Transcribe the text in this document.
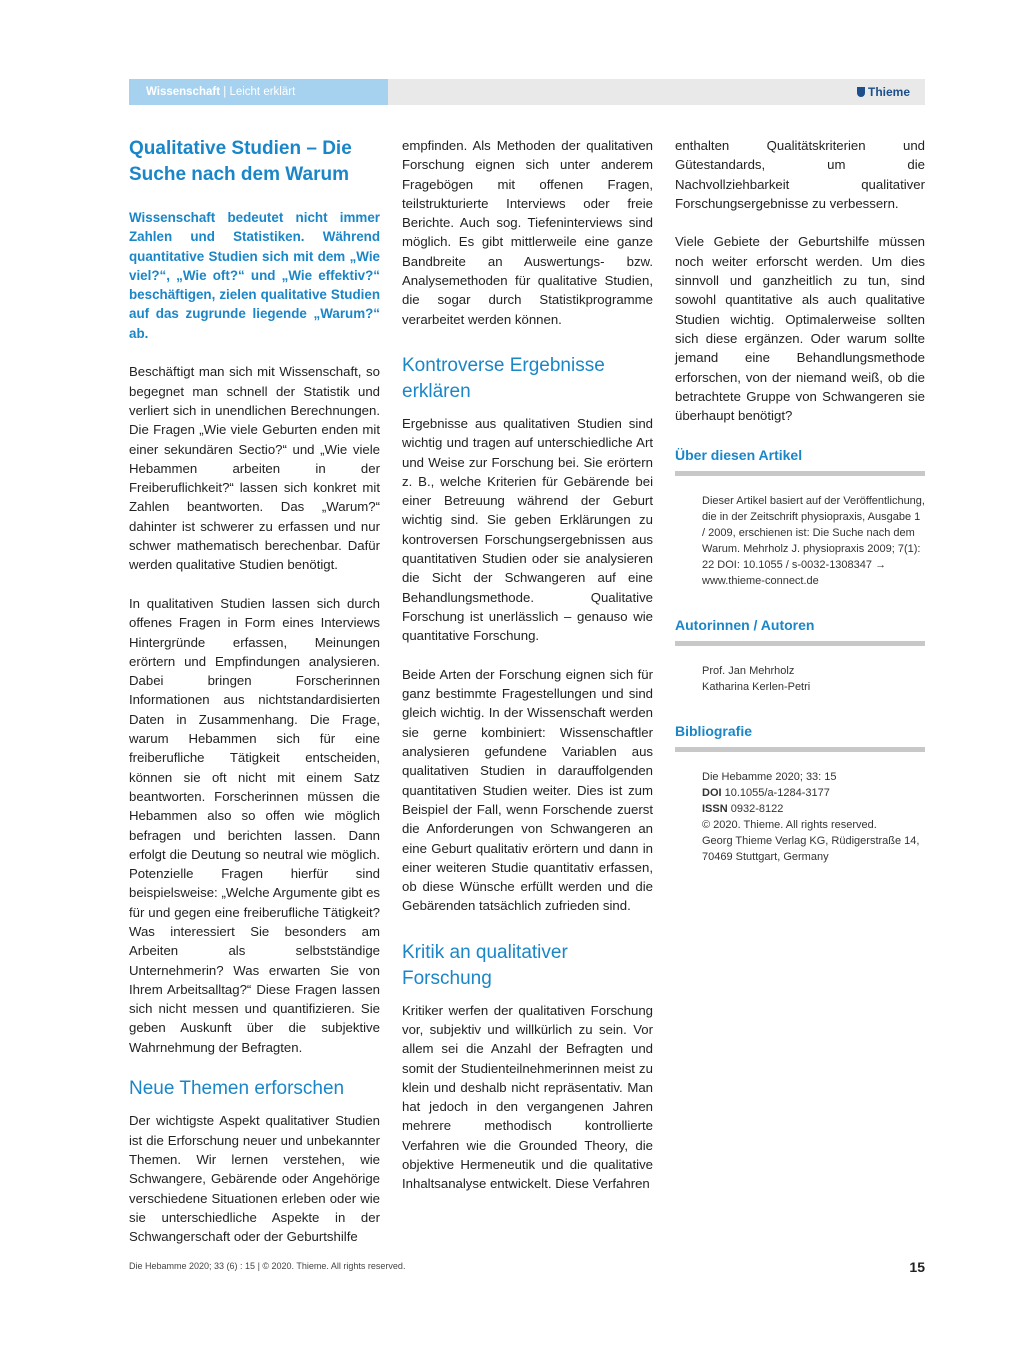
Wissenschaft | Leicht erklärt	Thieme
Qualitative Studien – Die Suche nach dem Warum

Wissenschaft bedeutet nicht immer Zahlen und Statistiken. Während quantitative Studien sich mit dem „Wie viel?“, „Wie oft?“ und „Wie effektiv?“ beschäftigen, zielen qualitative Studien auf das zugrunde liegende „Warum?“ ab.

Beschäftigt man sich mit Wissenschaft, so begegnet man schnell der Statistik und verliert sich in unendlichen Berechnungen. Die Fragen „Wie viele Geburten enden mit einer sekundären Sectio?“ und „Wie viele Hebammen arbeiten in der Freiberuflichkeit?“ lassen sich konkret mit Zahlen beantworten. Das „Warum?“ dahinter ist schwerer zu erfassen und nur schwer mathematisch berechenbar. Dafür werden qualitative Studien benötigt.

In qualitativen Studien lassen sich durch offenes Fragen in Form eines Interviews Hintergründe erfassen, Meinungen erörtern und Empfindungen analysieren. Dabei bringen Forscherinnen Informationen aus nichtstandardisierten Daten in Zusammenhang. Die Frage, warum Hebammen sich für eine freiberufliche Tätigkeit entscheiden, können sie oft nicht mit einem Satz beantworten. Forscherinnen müssen die Hebammen also so offen wie möglich befragen und berichten lassen. Dann erfolgt die Deutung so neutral wie möglich. Potenzielle Fragen hierfür sind beispielsweise: „Welche Argumente gibt es für und gegen eine freiberufliche Tätigkeit? Was interessiert Sie besonders am Arbeiten als selbstständige Unternehmerin? Was erwarten Sie von Ihrem Arbeitsalltag?“ Diese Fragen lassen sich nicht messen und quantifizieren. Sie geben Auskunft über die subjektive Wahrnehmung der Befragten.

Neue Themen erforschen

Der wichtigste Aspekt qualitativer Studien ist die Erforschung neuer und unbekannter Themen. Wir lernen verstehen, wie Schwangere, Gebärende oder Angehörige verschiedene Situationen erleben oder wie sie unterschiedliche Aspekte in der Schwangerschaft oder der Geburtshilfe

empfinden. Als Methoden der qualitativen Forschung eignen sich unter anderem Fragebögen mit offenen Fragen, teilstrukturierte Interviews oder freie Berichte. Auch sog. Tiefeninterviews sind möglich. Es gibt mittlerweile eine ganze Bandbreite an Auswertungs- bzw. Analysemethoden für qualitative Studien, die sogar durch Statistikprogramme verarbeitet werden können.

Kontroverse Ergebnisse erklären

Ergebnisse aus qualitativen Studien sind wichtig und tragen auf unterschiedliche Art und Weise zur Forschung bei. Sie erörtern z. B., welche Kriterien für Gebärende bei einer Betreuung während der Geburt wichtig sind. Sie geben Erklärungen zu kontroversen Forschungsergebnissen aus quantitativen Studien oder sie analysieren die Sicht der Schwangeren auf eine Behandlungsmethode. Qualitative Forschung ist unerlässlich – genauso wie quantitative Forschung.

Beide Arten der Forschung eignen sich für ganz bestimmte Fragestellungen und sind gleich wichtig. In der Wissenschaft werden sie gerne kombiniert: Wissenschaftler analysieren gefundene Variablen aus qualitativen Studien in darauffolgenden quantitativen Studien weiter. Dies ist zum Beispiel der Fall, wenn Forschende zuerst die Anforderungen von Schwangeren an eine Geburt qualitativ erörtern und dann in einer weiteren Studie quantitativ erfassen, ob diese Wünsche erfüllt werden und die Gebärenden tatsächlich zufrieden sind.

Kritik an qualitativer Forschung

Kritiker werfen der qualitativen Forschung vor, subjektiv und willkürlich zu sein. Vor allem sei die Anzahl der Befragten und somit der Studienteilnehmerinnen meist zu klein und deshalb nicht repräsentativ. Man hat jedoch in den vergangenen Jahren mehrere methodisch kontrollierte Verfahren wie die Grounded Theory, die objektive Hermeneutik und die qualitative Inhaltsanalyse entwickelt. Diese Verfahren

enthalten Qualitätskriterien und Gütestandards, um die Nachvollziehbarkeit qualitativer Forschungsergebnisse zu verbessern.

Viele Gebiete der Geburtshilfe müssen noch weiter erforscht werden. Um dies sinnvoll und ganzheitlich zu tun, sind sowohl quantitative als auch qualitative Studien wichtig. Optimalerweise sollten sich diese ergänzen. Oder warum sollte jemand eine Behandlungsmethode erforschen, von der niemand weiß, ob die betrachtete Gruppe von Schwangeren sie überhaupt benötigt?

Über diesen Artikel
Dieser Artikel basiert auf der Veröffentlichung, die in der Zeitschrift physiopraxis, Ausgabe 1 / 2009, erschienen ist: Die Suche nach dem Warum. Mehrholz J. physiopraxis 2009; 7(1): 22 DOI: 10.1055 / s-0032-1308347 → www.thieme-connect.de
Autorinnen / Autoren
Prof. Jan Mehrholz
Katharina Kerlen-Petri
Bibliografie
Die Hebamme 2020; 33: 15
DOI 10.1055/a-1284-3177
ISSN 0932-8122
© 2020. Thieme. All rights reserved.
Georg Thieme Verlag KG, Rüdigerstraße 14,
70469 Stuttgart, Germany
Die Hebamme 2020; 33 (6) : 15 | © 2020. Thieme. All rights reserved.	15
